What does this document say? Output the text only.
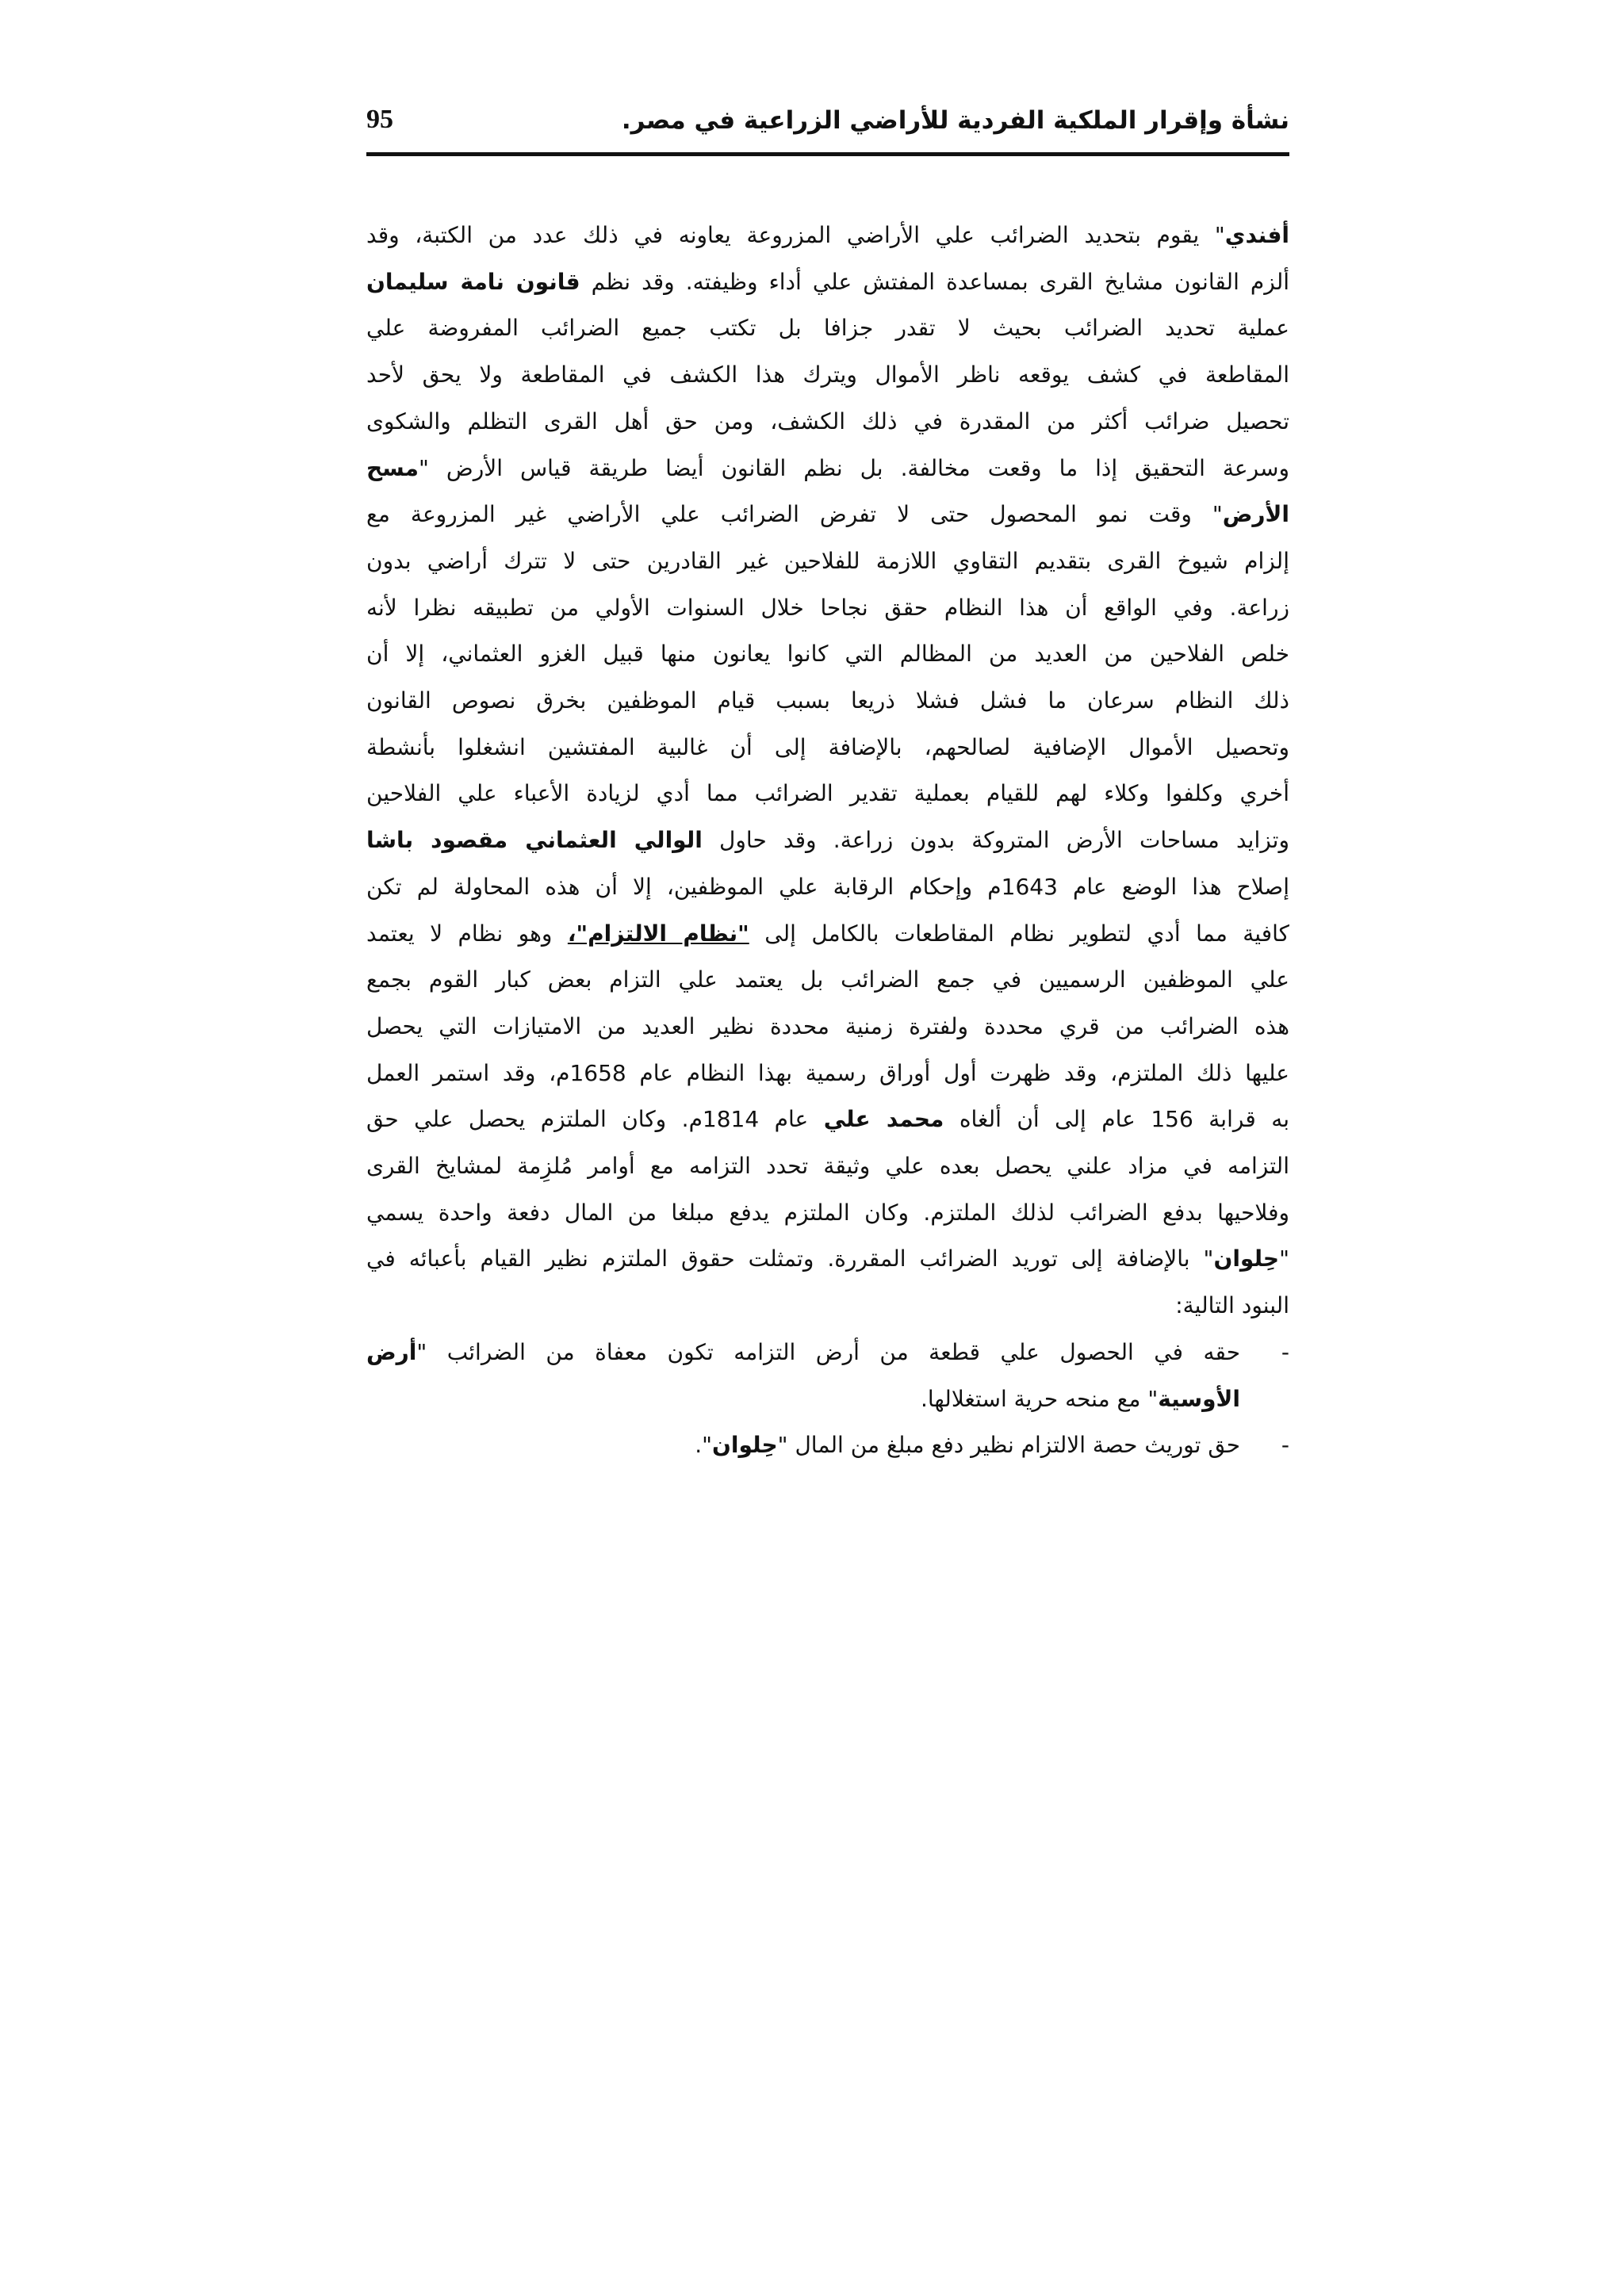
نشأة وإقرار الملكية الفردية للأراضي الزراعية في مصر.
95

أفندي" يقوم بتحديد الضرائب علي الأراضي المزروعة يعاونه في ذلك عدد من الكتبة، وقد
ألزم القانون مشايخ القرى بمساعدة المفتش علي أداء وظيفته. وقد نظم قانون نامة سليمان
عملية تحديد الضرائب بحيث لا تقدر جزافا بل تكتب جميع الضرائب المفروضة علي
المقاطعة في كشف يوقعه ناظر الأموال ويترك هذا الكشف في المقاطعة ولا يحق لأحد
تحصيل ضرائب أكثر من المقدرة في ذلك الكشف، ومن حق أهل القرى التظلم والشكوى
وسرعة التحقيق إذا ما وقعت مخالفة. بل نظم القانون أيضا طريقة قياس الأرض "مسح
الأرض" وقت نمو المحصول حتى لا تفرض الضرائب علي الأراضي غير المزروعة مع
إلزام شيوخ القرى بتقديم التقاوي اللازمة للفلاحين غير القادرين حتى لا تترك أراضي بدون
زراعة. وفي الواقع أن هذا النظام حقق نجاحا خلال السنوات الأولي من تطبيقه نظرا لأنه
خلص الفلاحين من العديد من المظالم التي كانوا يعانون منها قبيل الغزو العثماني، إلا أن
ذلك النظام سرعان ما فشل فشلا ذريعا بسبب قيام الموظفين بخرق نصوص القانون
وتحصيل الأموال الإضافية لصالحهم، بالإضافة إلى أن غالبية المفتشين انشغلوا بأنشطة
أخري وكلفوا وكلاء لهم للقيام بعملية تقدير الضرائب مما أدي لزيادة الأعباء علي الفلاحين
وتزايد مساحات الأرض المتروكة بدون زراعة. وقد حاول الوالي العثماني مقصود باشا
إصلاح هذا الوضع عام 1643م وإحكام الرقابة علي الموظفين، إلا أن هذه المحاولة لم تكن
كافية مما أدي لتطوير نظام المقاطعات بالكامل إلى "نظام الالتزام"، وهو نظام لا يعتمد
علي الموظفين الرسميين في جمع الضرائب بل يعتمد علي التزام بعض كبار القوم بجمع
هذه الضرائب من قري محددة ولفترة زمنية محددة نظير العديد من الامتيازات التي يحصل
عليها ذلك الملتزم، وقد ظهرت أول أوراق رسمية بهذا النظام عام 1658م، وقد استمر العمل
به قرابة 156 عام إلى أن ألغاه محمد علي عام 1814م. وكان الملتزم يحصل علي حق
التزامه في مزاد علني يحصل بعده علي وثيقة تحدد التزامه مع أوامر مُلزِمة لمشايخ القرى
وفلاحيها بدفع الضرائب لذلك الملتزم. وكان الملتزم يدفع مبلغا من المال دفعة واحدة يسمي
"حِلوان" بالإضافة إلى توريد الضرائب المقررة. وتمثلت حقوق الملتزم نظير القيام بأعبائه في
البنود التالية:

-
حقه في الحصول علي قطعة من أرض التزامه تكون معفاة من الضرائب "أرض
الأوسية" مع منحه حرية استغلالها.
-
حق توريث حصة الالتزام نظير دفع مبلغ من المال "حِلوان".
